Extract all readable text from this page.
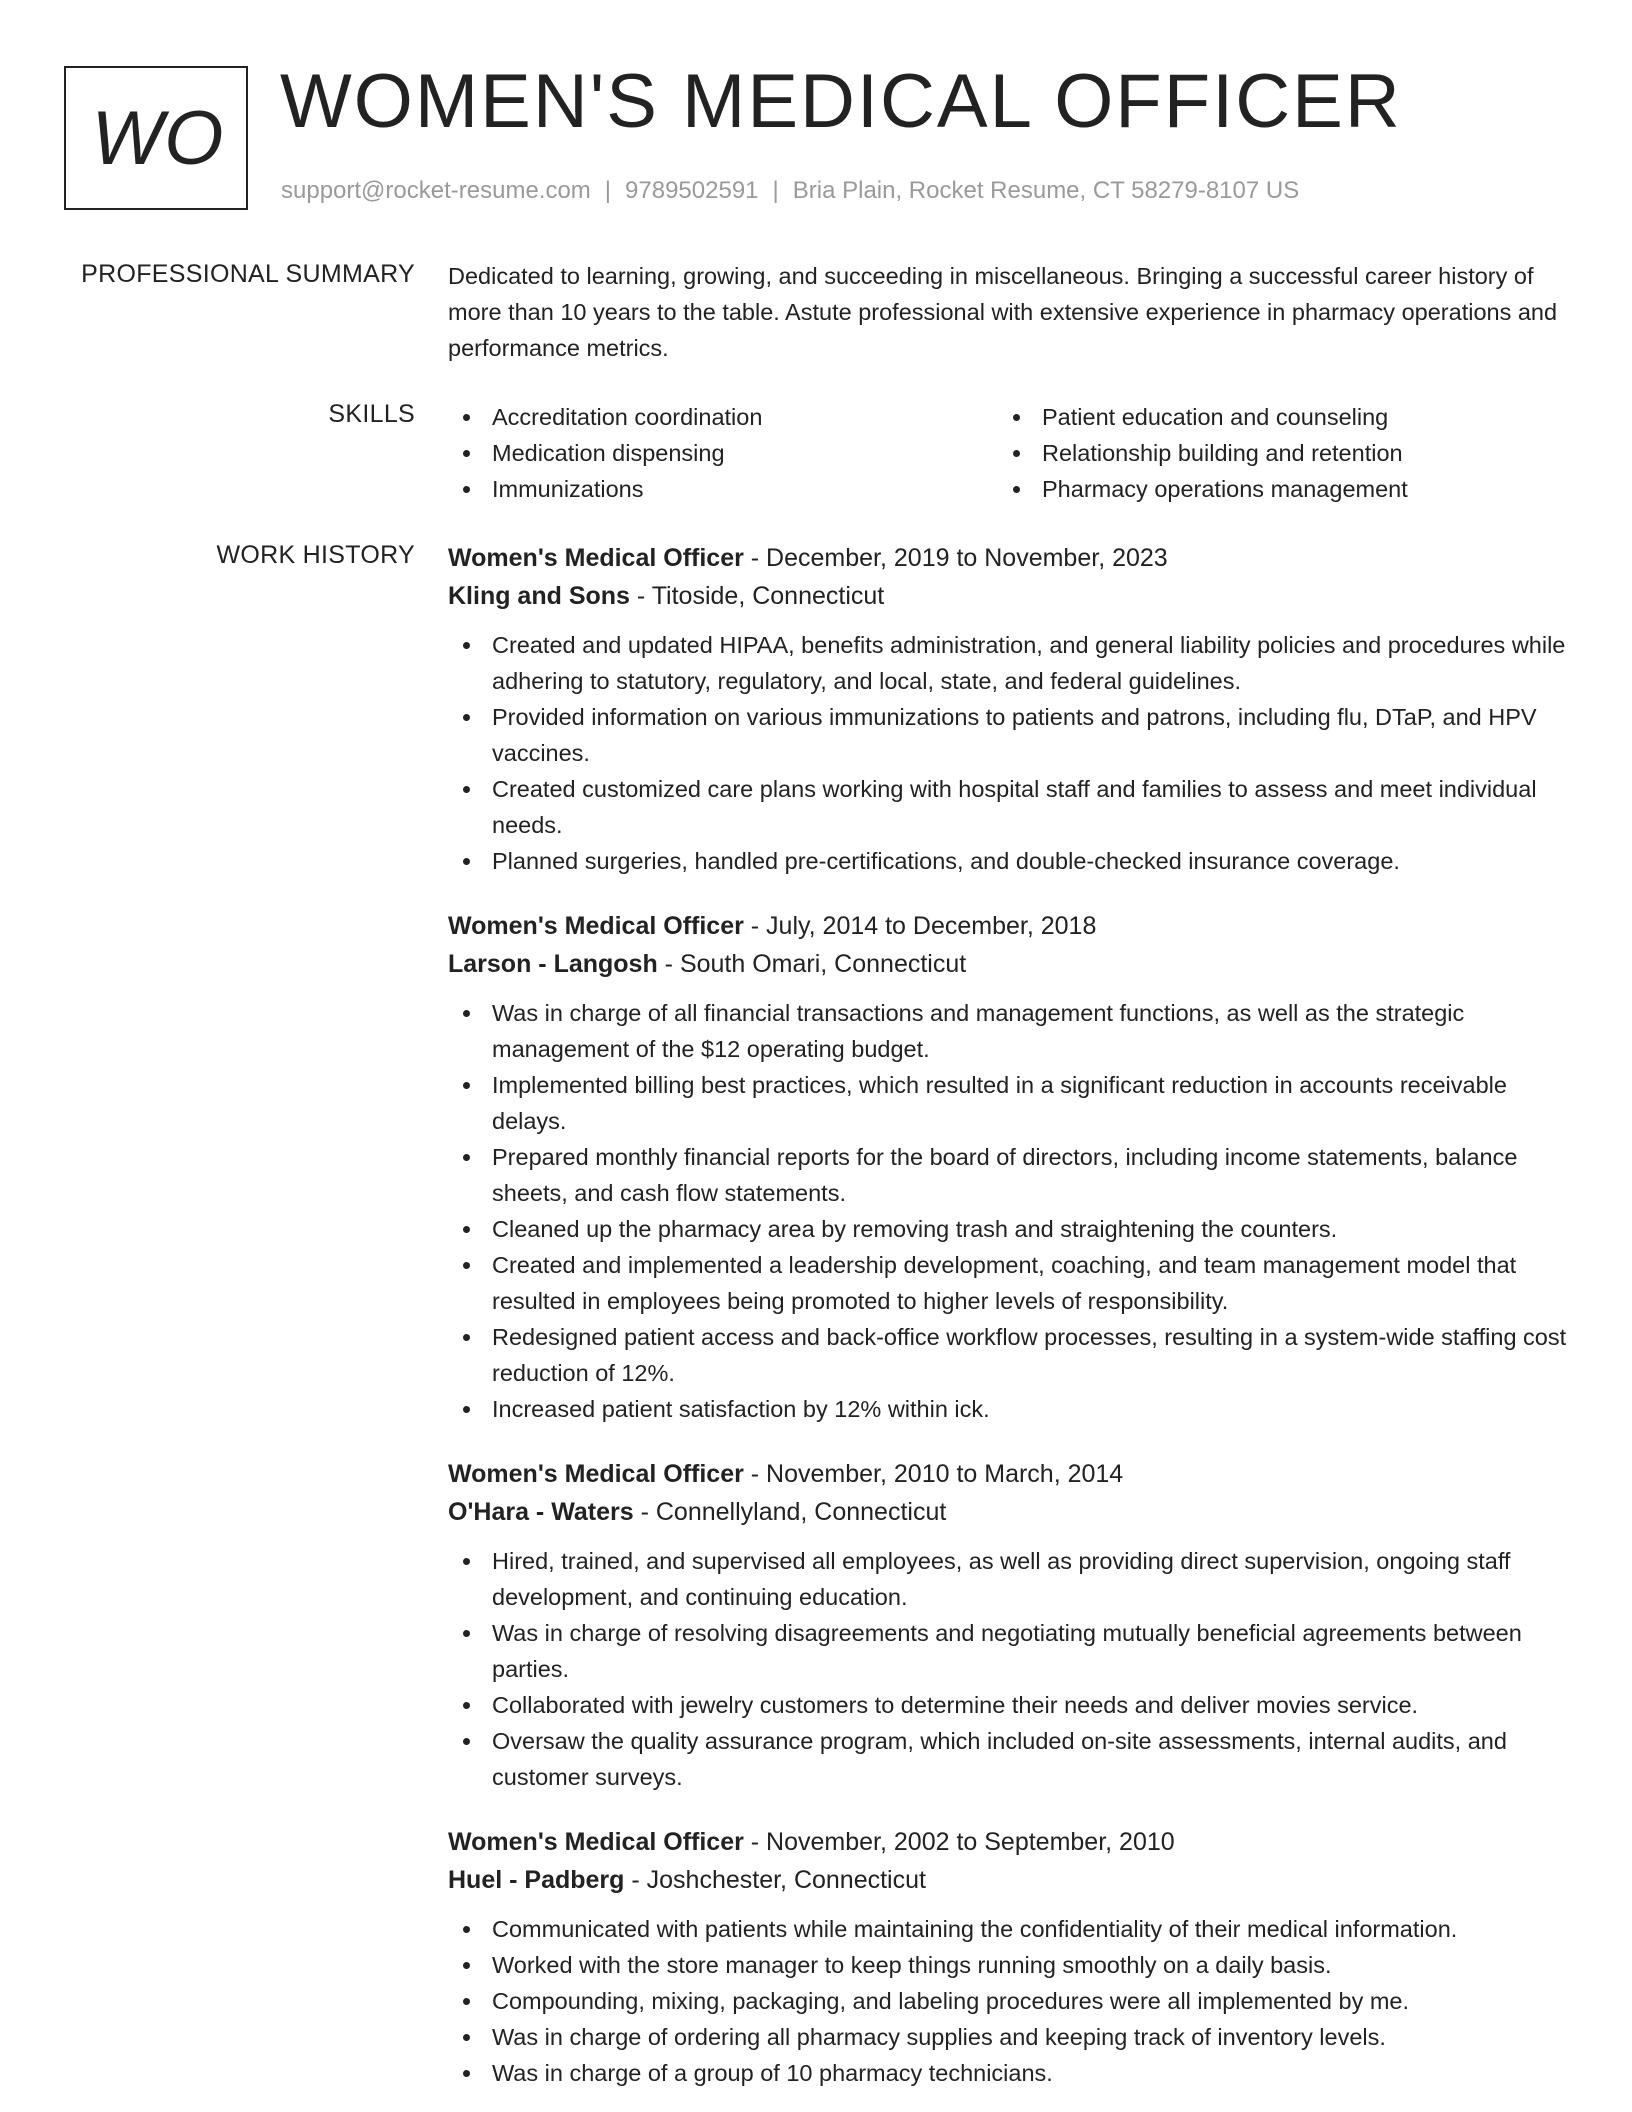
WO WOMEN'S MEDICAL OFFICER
support@rocket-resume.com | 9789502591 | Bria Plain, Rocket Resume, CT 58279-8107 US
PROFESSIONAL SUMMARY Dedicated to learning, growing, and succeeding in miscellaneous. Bringing a successful career history of more than 10 years to the table. Astute professional with extensive experience in pharmacy operations and performance metrics.
SKILLS	Accreditation coordination
Medication dispensing
Immunizations
Patient education and counseling
Relationship building and retention
Pharmacy operations management
WORK HISTORY Women's Medical Officer - December, 2019 to November, 2023
Kling and Sons - Titoside, Connecticut
Created and updated HIPAA, benefits administration, and general liability policies and procedures while adhering to statutory, regulatory, and local, state, and federal guidelines.
Provided information on various immunizations to patients and patrons, including flu, DTaP, and HPV vaccines.
Created customized care plans working with hospital staff and families to assess and meet individual needs.
Planned surgeries, handled pre-certifications, and double-checked insurance coverage.
Women's Medical Officer - July, 2014 to December, 2018
Larson - Langosh - South Omari, Connecticut
Was in charge of all financial transactions and management functions, as well as the strategic management of the $12 operating budget.
Implemented billing best practices, which resulted in a significant reduction in accounts receivable delays.
Prepared monthly financial reports for the board of directors, including income statements, balance sheets, and cash flow statements.
Cleaned up the pharmacy area by removing trash and straightening the counters.
Created and implemented a leadership development, coaching, and team management model that resulted in employees being promoted to higher levels of responsibility.
Redesigned patient access and back-office workflow processes, resulting in a system-wide staffing cost reduction of 12%.
Increased patient satisfaction by 12% within ick.
Women's Medical Officer - November, 2010 to March, 2014
O'Hara - Waters - Connellyland, Connecticut
Hired, trained, and supervised all employees, as well as providing direct supervision, ongoing staff development, and continuing education.
Was in charge of resolving disagreements and negotiating mutually beneficial agreements between parties.
Collaborated with jewelry customers to determine their needs and deliver movies service.
Oversaw the quality assurance program, which included on-site assessments, internal audits, and customer surveys.
Women's Medical Officer - November, 2002 to September, 2010
Huel - Padberg - Joshchester, Connecticut
Communicated with patients while maintaining the confidentiality of their medical information.
Worked with the store manager to keep things running smoothly on a daily basis.
Compounding, mixing, packaging, and labeling procedures were all implemented by me.
Was in charge of ordering all pharmacy supplies and keeping track of inventory levels.
Was in charge of a group of 10 pharmacy technicians.
